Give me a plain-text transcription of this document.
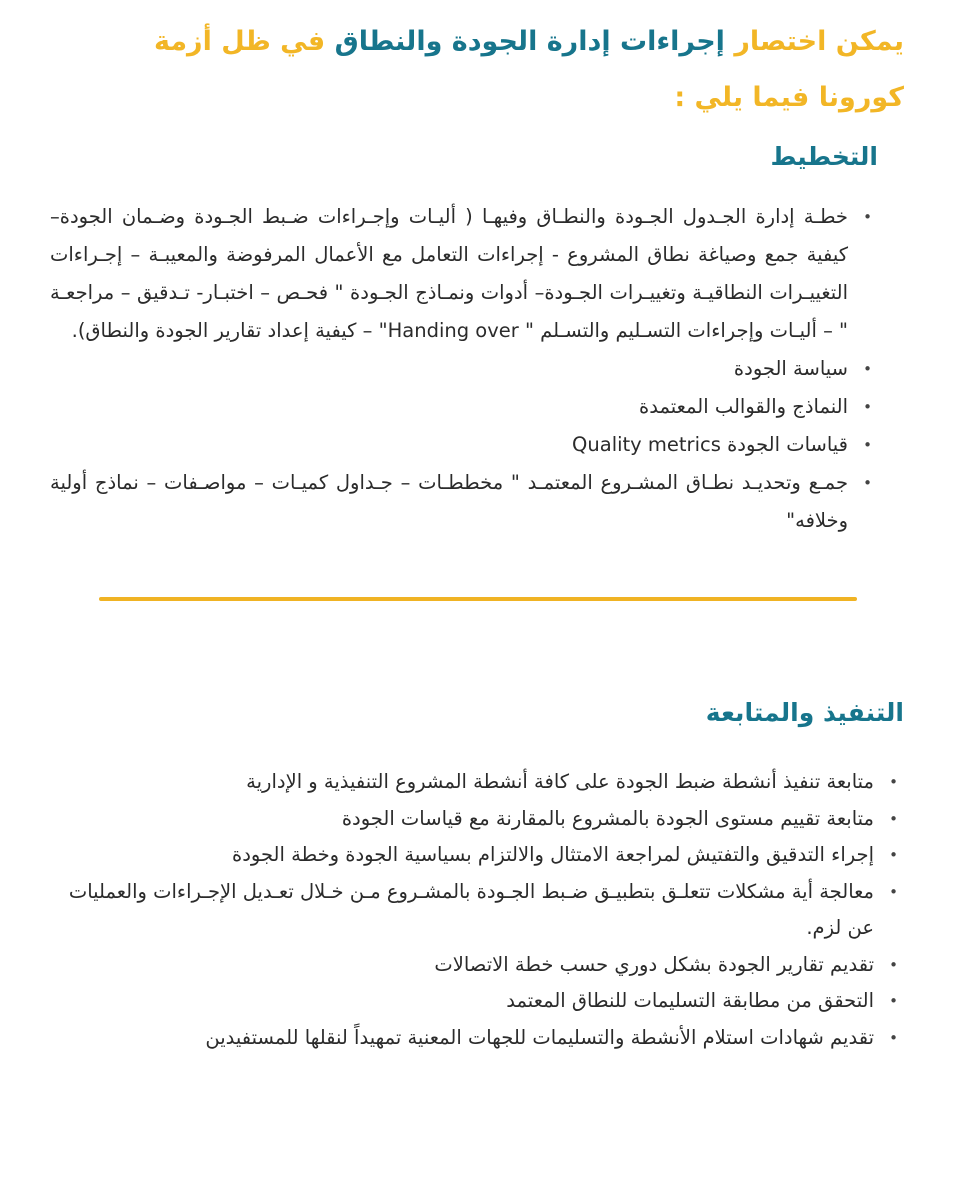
يمكن اختصار إجراءات إدارة الجودة والنطاق في ظل أزمة كورونا فيما يلي :

التخطيط
•
خطـة إدارة الجـدول الجـودة والنطـاق وفيهـا ( أليـات وإجـراءات ضـبط الجـودة وضـمان الجودة– كيفية جمع وصياغة نطاق المشروع - إجراءات التعامل مع الأعمال المرفوضة والمعيبـة – إجـراءات التغييـرات النطاقيـة وتغييـرات الجـودة– أدوات ونمـاذج الجـودة " فحـص – اختبـار- تـدقيق – مراجعـة " – أليـات وإجراءات التسـليم والتسـلم " Handing over" – كيفية إعداد تقارير الجودة والنطاق).
•
سياسة الجودة
•
النماذج والقوالب المعتمدة
•
قياسات الجودة Quality metrics
•
جمـع وتحديـد نطـاق المشـروع المعتمـد " مخططـات – جـداول كميـات – مواصـفات – نماذج أولية وخلافه"
التنفيذ والمتابعة
•
متابعة تنفيذ أنشطة ضبط الجودة على كافة أنشطة المشروع التنفيذية و الإدارية
•
متابعة تقييم مستوى الجودة بالمشروع بالمقارنة مع قياسات الجودة
•
إجراء التدقيق والتفتيش لمراجعة الامتثال والالتزام بسياسية الجودة وخطة الجودة
•
معالجة أية مشكلات تتعلـق بتطبيـق ضـبط الجـودة بالمشـروع مـن خـلال تعـديل الإجـراءات والعمليات عن لزم.
•
تقديم تقارير الجودة بشكل دوري حسب خطة الاتصالات
•
التحقق من مطابقة التسليمات للنطاق المعتمد
•
تقديم شهادات استلام الأنشطة والتسليمات للجهات المعنية تمهيداً لنقلها للمستفيدين
